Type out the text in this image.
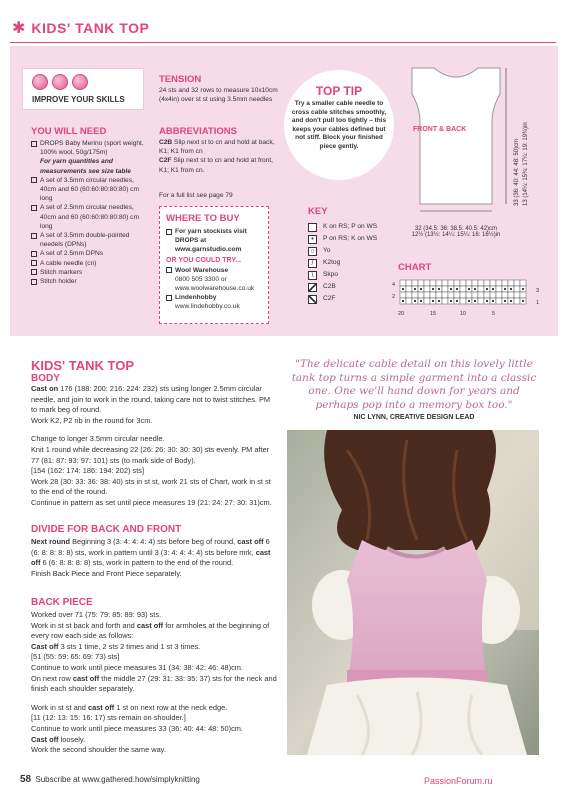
✱ KIDS' TANK TOP
IMPROVE YOUR SKILLS
YOU WILL NEED
DROPS Baby Merino (sport weight, 100% wool, 50g/175m)
For yarn quantities and measurements see size table
A set of 3.5mm circular needles, 40cm and 60 (60:60:80:80:80) cm long
A set of 2.5mm circular needles, 40cm and 60 (60:60:80:80:80) cm long
A set of 3.5mm double-pointed needels (DPNs)
A set of 2.5mm DPNs
A cable needle (cn)
Stitch markers
Stitch holder
TENSION
24 sts and 32 rows to measure 10x10cm (4x4in) over st st using 3.5mm needles
ABBREVIATIONS
C2B Slip next st to cn and hold at back, K1; K1 from cn
C2F Slip next st to cn and hold at front, K1; K1 from cn.
For a full list see page 79
WHERE TO BUY
For yarn stockists visit DROPS at www.garnstudio.com
OR YOU COULD TRY...
Wool Warehouse
0800 505 3300 or www.woolwarehouse.co.uk
Lindenhobby
www.lindehobby.co.uk
TOP TIP
Try a smaller cable needle to cross cable stitches smoothly, and don't pull too tightly – this keeps your cables defined but not stiff. Block your finished piece gently.
FRONT & BACK
33 (36: 40: 44: 48: 50)cm 13 (14¼: 15¾: 17¼: 19: 19¾)in
32 (34.5: 36: 38.5: 40.5: 42)cm
12½ (13½: 14¼: 15¼: 16: 16½)in
KEY
K on RS; P on WS
•	P on RS; K on WS
○	Yo
/	K2tog
\	Skpo
C2B
C2F
CHART
4
3
2
1
20	15	10	5
KIDS' TANK TOP
BODY
Cast on 176 (188: 200: 216: 224: 232) sts using longer 2.5mm circular needle, and join to work in the round, taking care not to twist stitches. PM to mark beg of round.
Work K2, P2 rib in the round for 3cm.
Change to longer 3.5mm circular needle.
Knit 1 round while decreasing 22 (26: 26: 30: 30: 30) sts evenly. PM after 77 (81: 87: 93: 97: 101) sts (to mark side of Body).
[154 (162: 174: 186: 194: 202) sts]
Work 28 (30: 33: 36: 38: 40) sts in st st, work 21 sts of Chart, work in st st to the end of the round.
Continue in pattern as set until piece measures 19 (21: 24: 27: 30: 31)cm.
DIVIDE FOR BACK AND FRONT
Next round Beginning 3 (3: 4: 4: 4: 4) sts before beg of round, cast off 6 (6: 8: 8: 8: 8) sts, work in pattern until 3 (3: 4: 4: 4: 4) sts before mrk, cast off 6 (6: 8: 8: 8: 8) sts, work in pattern to the end of the round.
Finish Back Piece and Front Piece separately.
BACK PIECE
Worked over 71 (75: 79: 85: 89: 93) sts.
Work in st st back and forth and cast off for armholes at the beginning of every row each side as follows:
Cast off 3 sts 1 time, 2 sts 2 times and 1 st 3 times.
[51 (55: 59: 65: 69: 73) sts]
Continue to work until piece measures 31 (34: 38: 42: 46: 48)cm.
On next row cast off the middle 27 (29: 31: 33: 35: 37) sts for the neck and finish each shoulder separately.
Work in st st and cast off 1 st on next row at the neck edge.
[11 (12: 13: 15: 16: 17) sts remain on shoulder.]
Continue to work until piece measures 33 (36: 40: 44: 48: 50)cm.
Cast off loosely.
Work the second shoulder the same way.
"The delicate cable detail on this lovely little tank top turns a simple garment into a classic one. One we'll hand down for years and perhaps pop into a memory box too."
NIC LYNN, CREATIVE DESIGN LEAD
58 Subscribe at www.gathered.how/simplyknitting	PassionForum.ru
